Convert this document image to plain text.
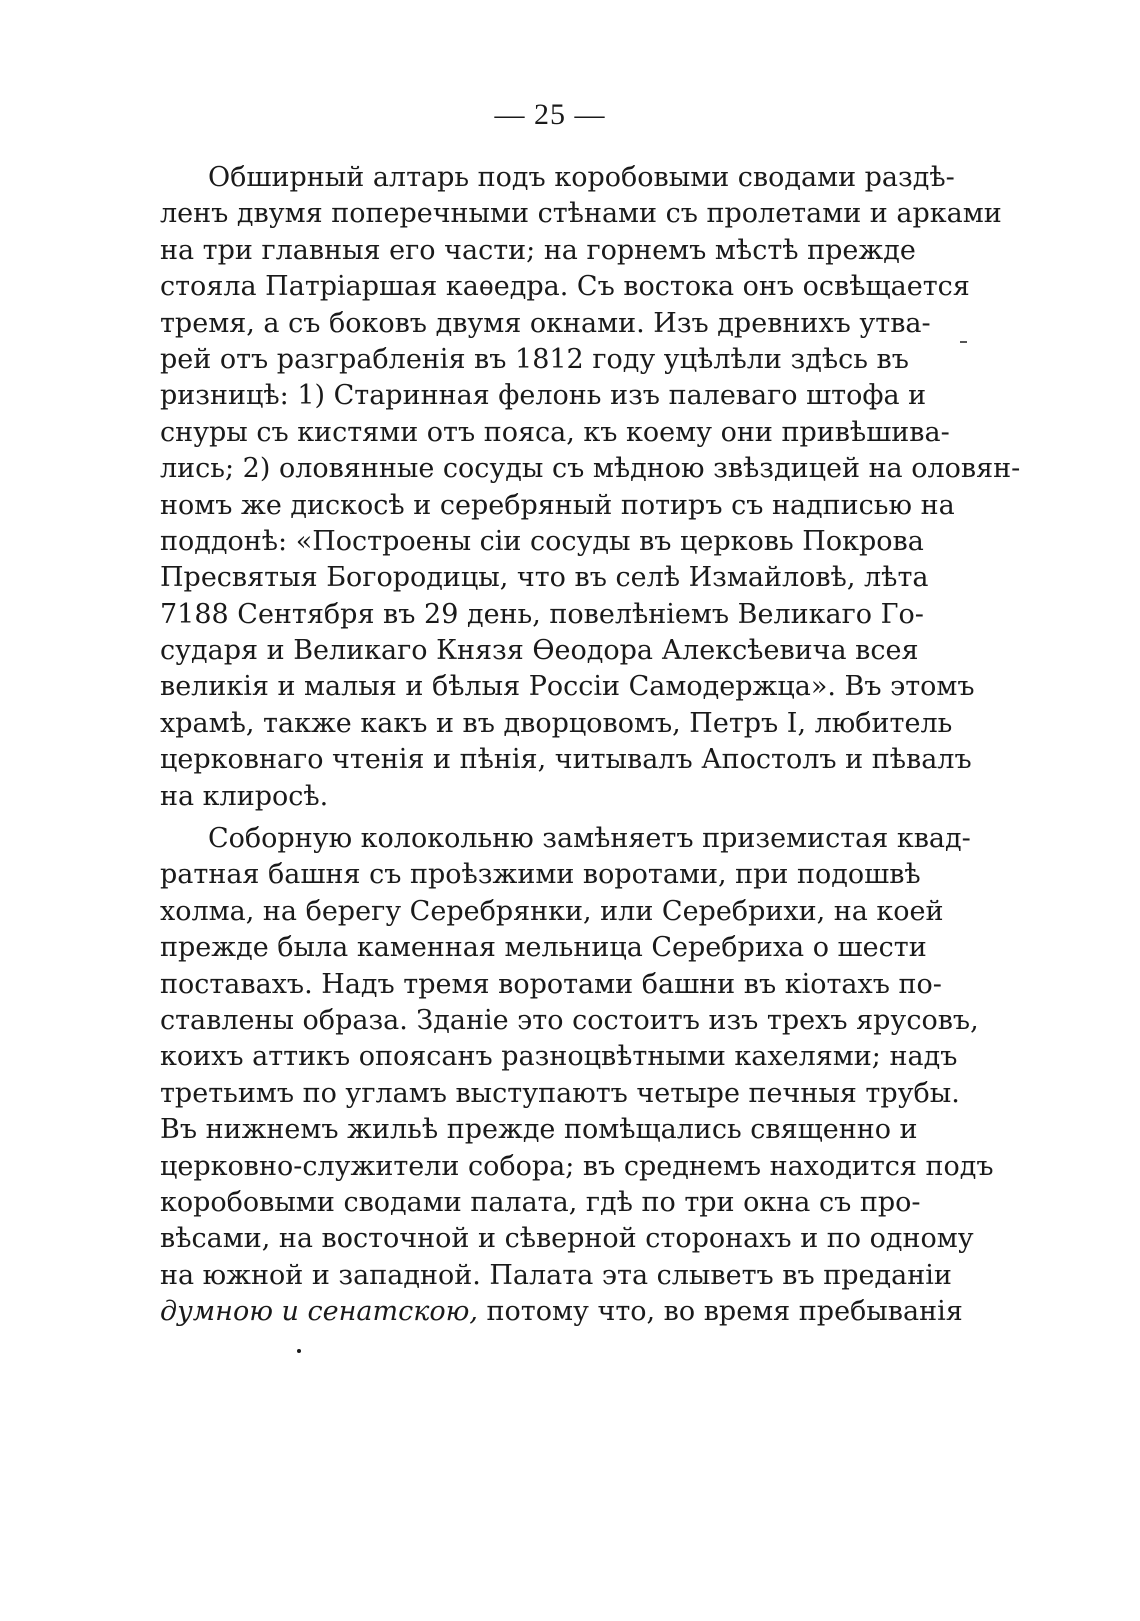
— 25 —
Обширный алтарь подъ коробовыми сводами раздѣ-
ленъ двумя поперечными стѣнами съ пролетами и арками
на три главныя его части; на горнемъ мѣстѣ прежде
стояла Патріаршая каѳедра. Съ востока онъ освѣщается
тремя, а съ боковъ двумя окнами. Изъ древнихъ утва-
рей отъ разграбленія въ 1812 году уцѣлѣли здѣсь въ
ризницѣ: 1) Старинная фелонь изъ палеваго штофа и
снуры съ кистями отъ пояса, къ коему они привѣшива-
лись; 2) оловянные сосуды съ мѣдною звѣздицей на оловян-
номъ же дискосѣ и серебряный потиръ съ надписью на
поддонѣ: «Построены сіи сосуды въ церковь Покрова
Пресвятыя Богородицы, что въ селѣ Измайловѣ, лѣта
7188 Сентября въ 29 день, повелѣніемъ Великаго Го-
сударя и Великаго Князя Ѳеодора Алексѣевича всея
великія и малыя и бѣлыя Россіи Самодержца». Въ этомъ
храмѣ, также какъ и въ дворцовомъ, Петръ I, любитель
церковнаго чтенія и пѣнія, читывалъ Апостолъ и пѣвалъ
на клиросѣ.
Соборную колокольню замѣняетъ приземистая квад-
ратная башня съ проѣзжими воротами, при подошвѣ
холма, на берегу Серебрянки, или Серебрихи, на коей
прежде была каменная мельница Серебриха о шести
поставахъ. Надъ тремя воротами башни въ кіотахъ по-
ставлены образа. Зданіе это состоитъ изъ трехъ ярусовъ,
коихъ аттикъ опоясанъ разноцвѣтными кахелями; надъ
третьимъ по угламъ выступаютъ четыре печныя трубы.
Въ нижнемъ жильѣ прежде помѣщались священно и
церковно-служители собора; въ среднемъ находится подъ
коробовыми сводами палата, гдѣ по три окна съ про-
вѣсами, на восточной и сѣверной сторонахъ и по одному
на южной и западной. Палата эта слыветъ въ преданіи
думною и сенатскою, потому что, во время пребыванія
